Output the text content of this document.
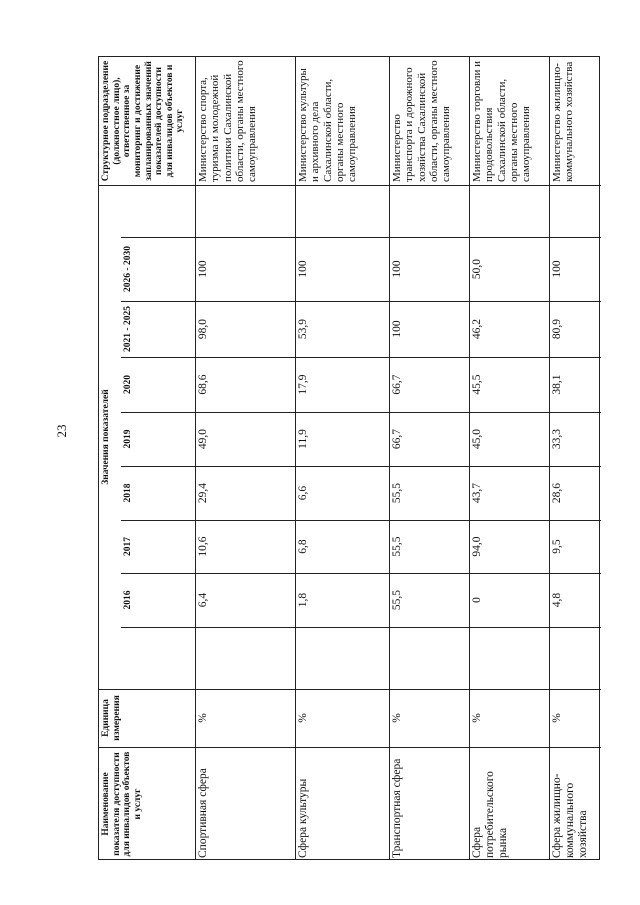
23
Наименование показателя доступности для инвалидов объектов и услуг
Единица измерения
Значения показателей
2016
2017
2018
2019
2020
2021 - 2025
2026 - 2030
Структурное подразделение (должностное лицо), ответственное за мониторинг и достижение запланированных значений показателей доступности для инвалидов объектов и услуг
Спортивная сфера
%
6,4
10,6
29,4
49,0
68,6
98,0
100
Министерство спорта, туризма и молодежной политики Сахалинской области, органы местного самоуправления
Сфера культуры
%
1,8
6,8
6,6
11,9
17,9
53,9
100
Министерство культуры и архивного дела Сахалинской области, органы местного самоуправления
Транспортная сфера
%
55,5
55,5
55,5
66,7
66,7
100
100
Министерство транспорта и дорожного хозяйства Сахалинской области, органы местного самоуправления
Сфера потребительского рынка
%
0
94,0
43,7
45,0
45,5
46,2
50,0
Министерство торговли и продовольствия Сахалинской области, органы местного самоуправления
Сфера жилищно-коммунального хозяйства
%
4,8
9,5
28,6
33,3
38,1
80,9
100
Министерство жилищно-коммунального хозяйства
